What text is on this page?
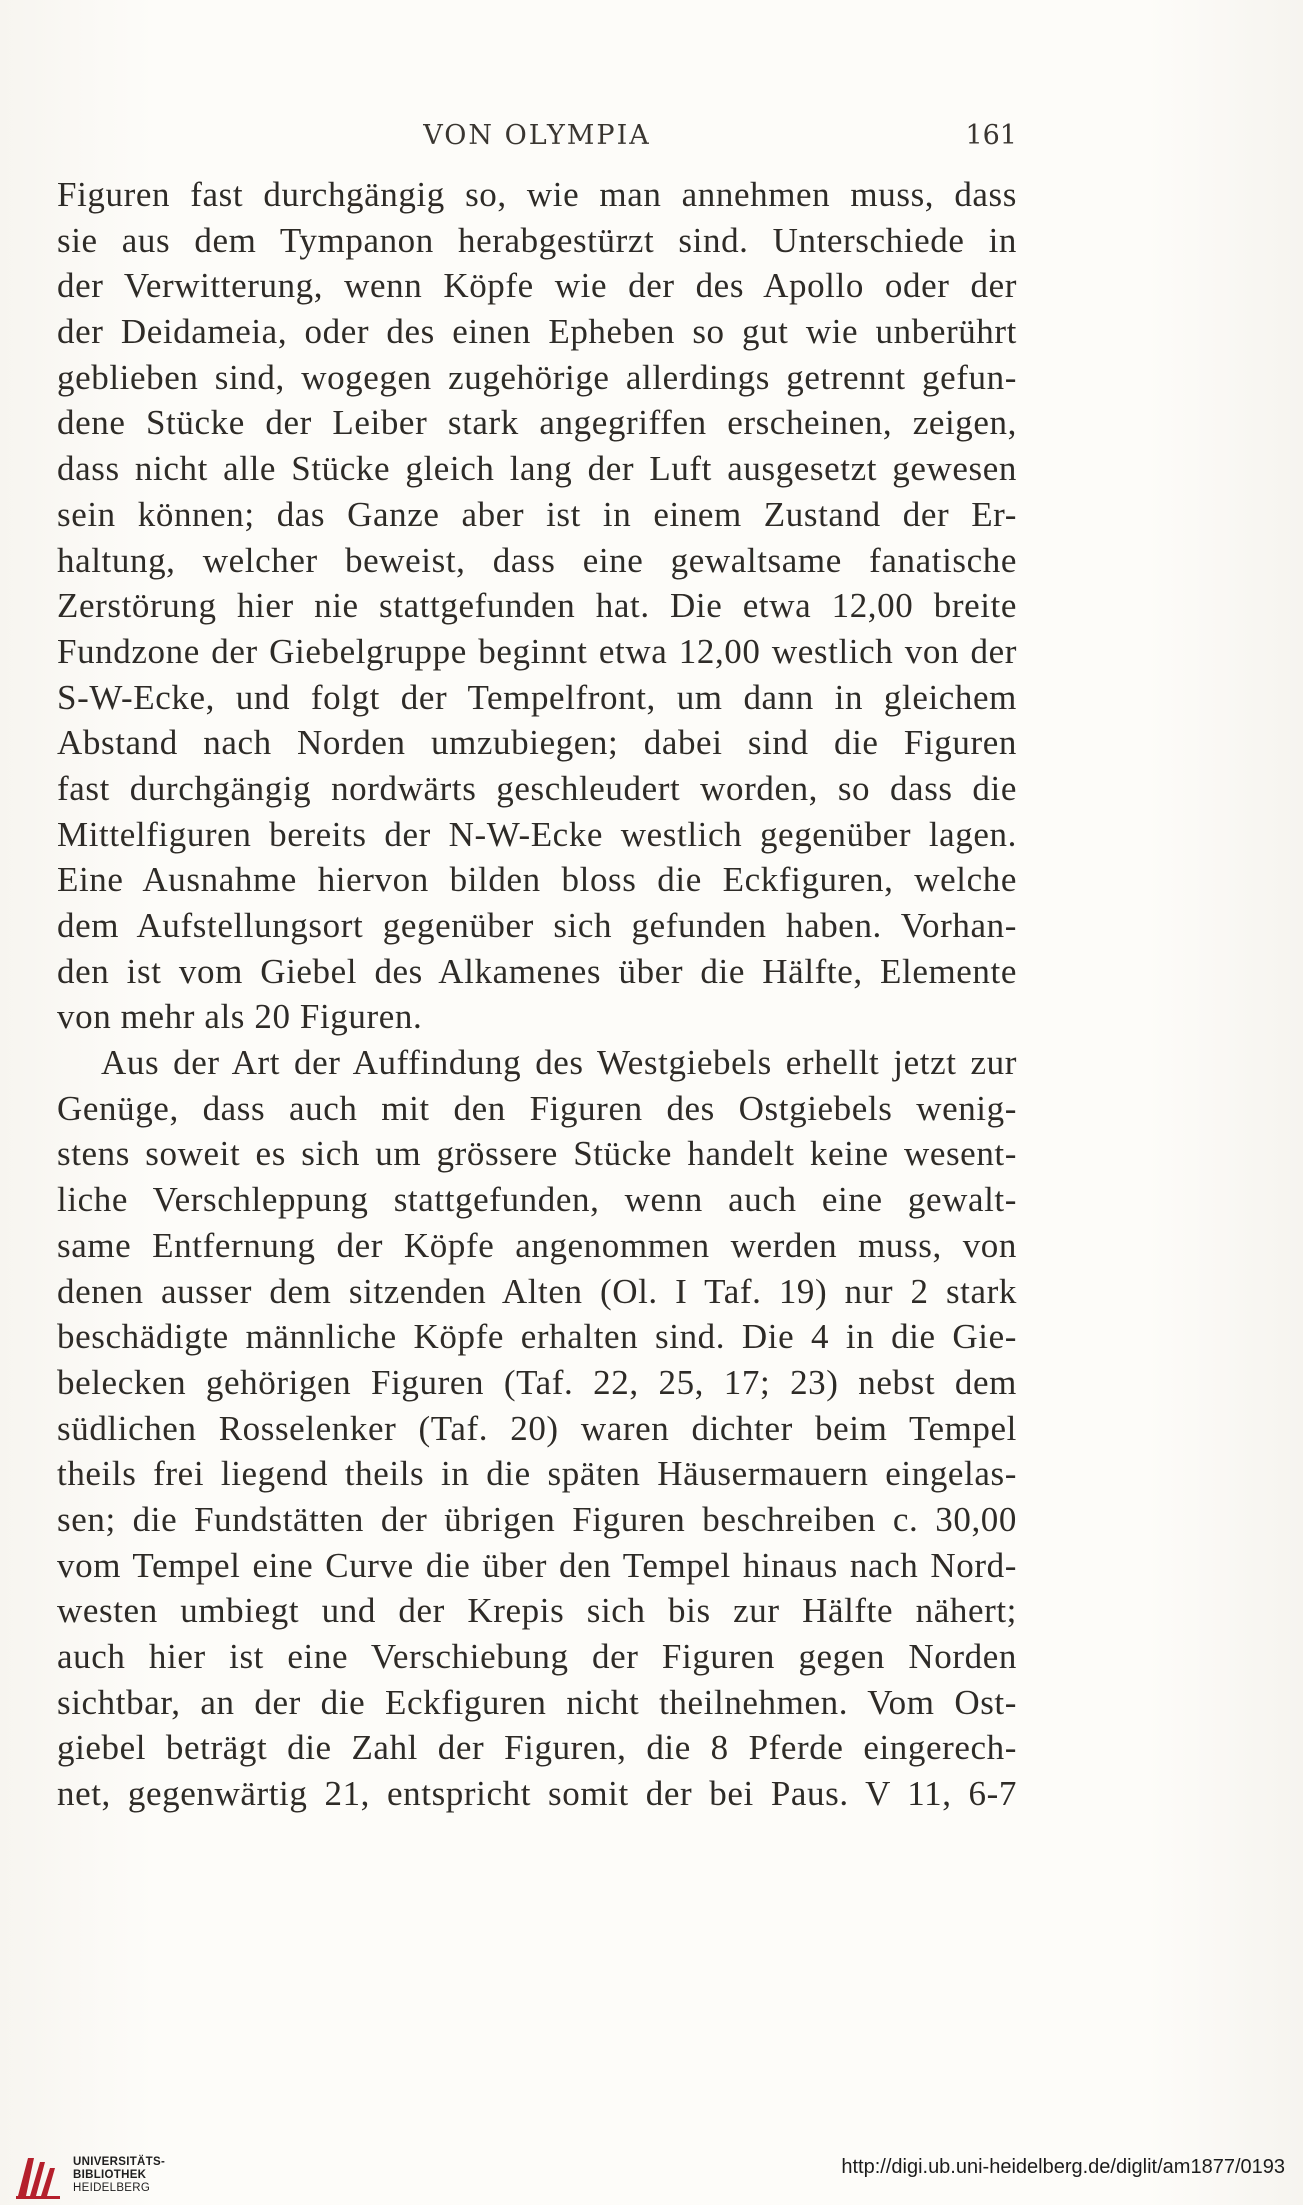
VON OLYMPIA	161
Figuren fast durchgängig so, wie man annehmen muss, dass
sie aus dem Tympanon herabgestürzt sind. Unterschiede in
der Verwitterung, wenn Köpfe wie der des Apollo oder der
der Deidameia, oder des einen Epheben so gut wie unberührt
geblieben sind, wogegen zugehörige allerdings getrennt gefun-
dene Stücke der Leiber stark angegriffen erscheinen, zeigen,
dass nicht alle Stücke gleich lang der Luft ausgesetzt gewesen
sein können; das Ganze aber ist in einem Zustand der Er-
haltung, welcher beweist, dass eine gewaltsame fanatische
Zerstörung hier nie stattgefunden hat. Die etwa 12,00 breite
Fundzone der Giebelgruppe beginnt etwa 12,00 westlich von der
S-W-Ecke, und folgt der Tempelfront, um dann in gleichem
Abstand nach Norden umzubiegen; dabei sind die Figuren
fast durchgängig nordwärts geschleudert worden, so dass die
Mittelfiguren bereits der N-W-Ecke westlich gegenüber lagen.
Eine Ausnahme hiervon bilden bloss die Eckfiguren, welche
dem Aufstellungsort gegenüber sich gefunden haben. Vorhan-
den ist vom Giebel des Alkamenes über die Hälfte, Elemente
von mehr als 20 Figuren.
Aus der Art der Auffindung des Westgiebels erhellt jetzt zur
Genüge, dass auch mit den Figuren des Ostgiebels wenig-
stens soweit es sich um grössere Stücke handelt keine wesent-
liche Verschleppung stattgefunden, wenn auch eine gewalt-
same Entfernung der Köpfe angenommen werden muss, von
denen ausser dem sitzenden Alten (Ol. I Taf. 19) nur 2 stark
beschädigte männliche Köpfe erhalten sind. Die 4 in die Gie-
belecken gehörigen Figuren (Taf. 22, 25, 17; 23) nebst dem
südlichen Rosselenker (Taf. 20) waren dichter beim Tempel
theils frei liegend theils in die späten Häusermauern eingelas-
sen; die Fundstätten der übrigen Figuren beschreiben c. 30,00
vom Tempel eine Curve die über den Tempel hinaus nach Nord-
westen umbiegt und der Krepis sich bis zur Hälfte nähert;
auch hier ist eine Verschiebung der Figuren gegen Norden
sichtbar, an der die Eckfiguren nicht theilnehmen. Vom Ost-
giebel beträgt die Zahl der Figuren, die 8 Pferde eingerech-
net, gegenwärtig 21, entspricht somit der bei Paus. V 11, 6-7
UNIVERSITÄTS-
BIBLIOTHEK
HEIDELBERG
http://digi.ub.uni-heidelberg.de/diglit/am1877/0193
